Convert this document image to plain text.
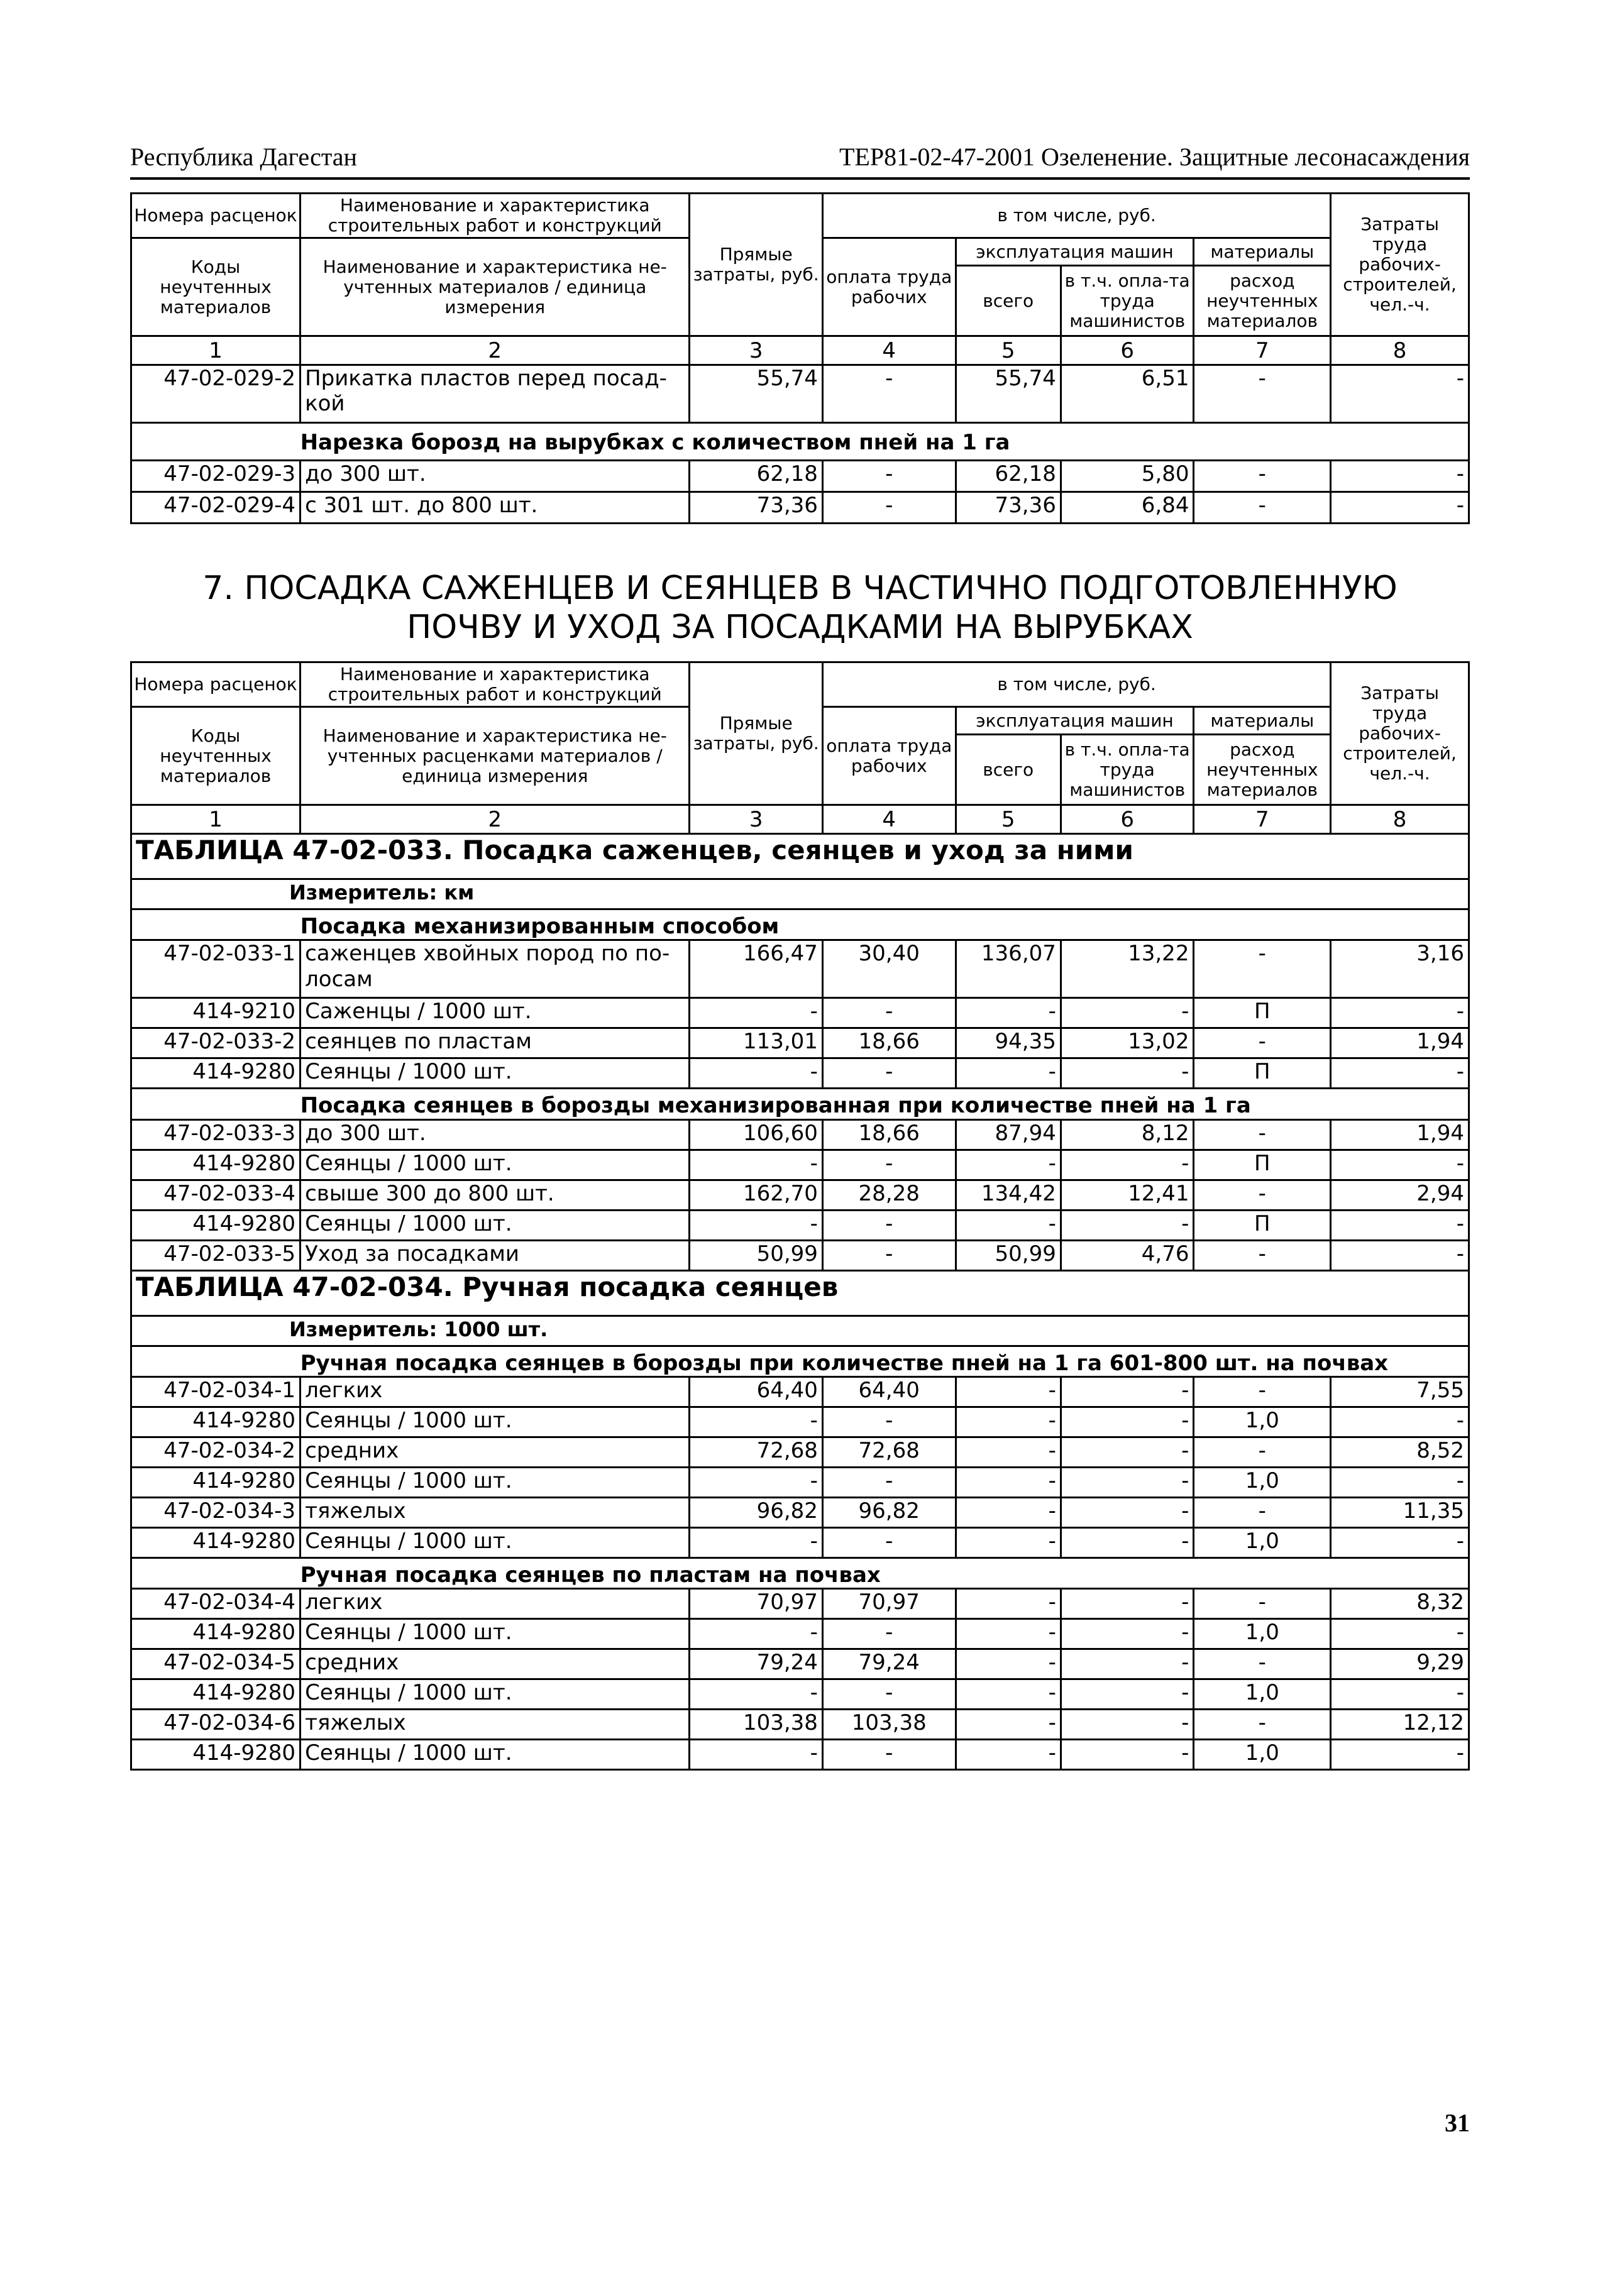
Республика Дагестан	ТЕР81-02-47-2001 Озеленение. Защитные лесонасаждения
Номера расценок	Наименование и характеристика строительных работ и конструкций	Прямые затраты, руб.	в том числе, руб.				Затраты труда рабочих-строителей, чел.-ч.
Коды неучтенных материалов	Наименование и характеристика не-учтенных материалов / единица измерения		оплата труда рабочих	эксплуатация машин		материалы	
				всего	в т.ч. опла-та труда машинистов	расход неучтенных материалов	
1	2	3	4	5	6	7	8
47-02-029-2	Прикатка пластов перед посад-кой	55,74	-	55,74	6,51	-	-

	Нарезка борозд на вырубках с количеством пней на 1 га						
47-02-029-3	до 300 шт.	62,18	-	62,18	5,80	-	-
47-02-029-4	с 301 шт. до 800 шт.	73,36	-	73,36	6,84	-	-
7. ПОСАДКА САЖЕНЦЕВ И СЕЯНЦЕВ В ЧАСТИЧНО ПОДГОТОВЛЕННУЮ
ПОЧВУ И УХОД ЗА ПОСАДКАМИ НА ВЫРУБКАХ
Номера расценок	Наименование и характеристика строительных работ и конструкций	Прямые затраты, руб.	в том числе, руб.				Затраты труда рабочих-строителей, чел.-ч.
Коды неучтенных материалов	Наименование и характеристика не-учтенных расценками материалов / единица измерения		оплата труда рабочих	эксплуатация машин		материалы	
				всего	в т.ч. опла-та труда машинистов	расход неучтенных материалов	
1	2	3	4	5	6	7	8
ТАБЛИЦА 47-02-033. Посадка саженцев, сеянцев и уход за ними							
Измеритель: км							
	Посадка механизированным способом						
47-02-033-1	саженцев хвойных пород по по-лосам	166,47	30,40	136,07	13,22	-	3,16
414-9210	Саженцы / 1000 шт.	-	-	-	-	П	-
47-02-033-2	сеянцев по пластам	113,01	18,66	94,35	13,02	-	1,94
414-9280	Сеянцы / 1000 шт.	-	-	-	-	П	-
	Посадка сеянцев в борозды механизированная при количестве пней на 1 га						
47-02-033-3	до 300 шт.	106,60	18,66	87,94	8,12	-	1,94
414-9280	Сеянцы / 1000 шт.	-	-	-	-	П	-
47-02-033-4	свыше 300 до 800 шт.	162,70	28,28	134,42	12,41	-	2,94
414-9280	Сеянцы / 1000 шт.	-	-	-	-	П	-
47-02-033-5	Уход за посадками	50,99	-	50,99	4,76	-	-
ТАБЛИЦА 47-02-034. Ручная посадка сеянцев							
Измеритель: 1000 шт.							
	Ручная посадка сеянцев в борозды при количестве пней на 1 га 601-800 шт. на почвах						
47-02-034-1	легких	64,40	64,40	-	-	-	7,55
414-9280	Сеянцы / 1000 шт.	-	-	-	-	1,0	-
47-02-034-2	средних	72,68	72,68	-	-	-	8,52
414-9280	Сеянцы / 1000 шт.	-	-	-	-	1,0	-
47-02-034-3	тяжелых	96,82	96,82	-	-	-	11,35
414-9280	Сеянцы / 1000 шт.	-	-	-	-	1,0	-
	Ручная посадка сеянцев по пластам на почвах						
47-02-034-4	легких	70,97	70,97	-	-	-	8,32
414-9280	Сеянцы / 1000 шт.	-	-	-	-	1,0	-
47-02-034-5	средних	79,24	79,24	-	-	-	9,29
414-9280	Сеянцы / 1000 шт.	-	-	-	-	1,0	-
47-02-034-6	тяжелых	103,38	103,38	-	-	-	12,12
414-9280	Сеянцы / 1000 шт.	-	-	-	-	1,0	-
31
